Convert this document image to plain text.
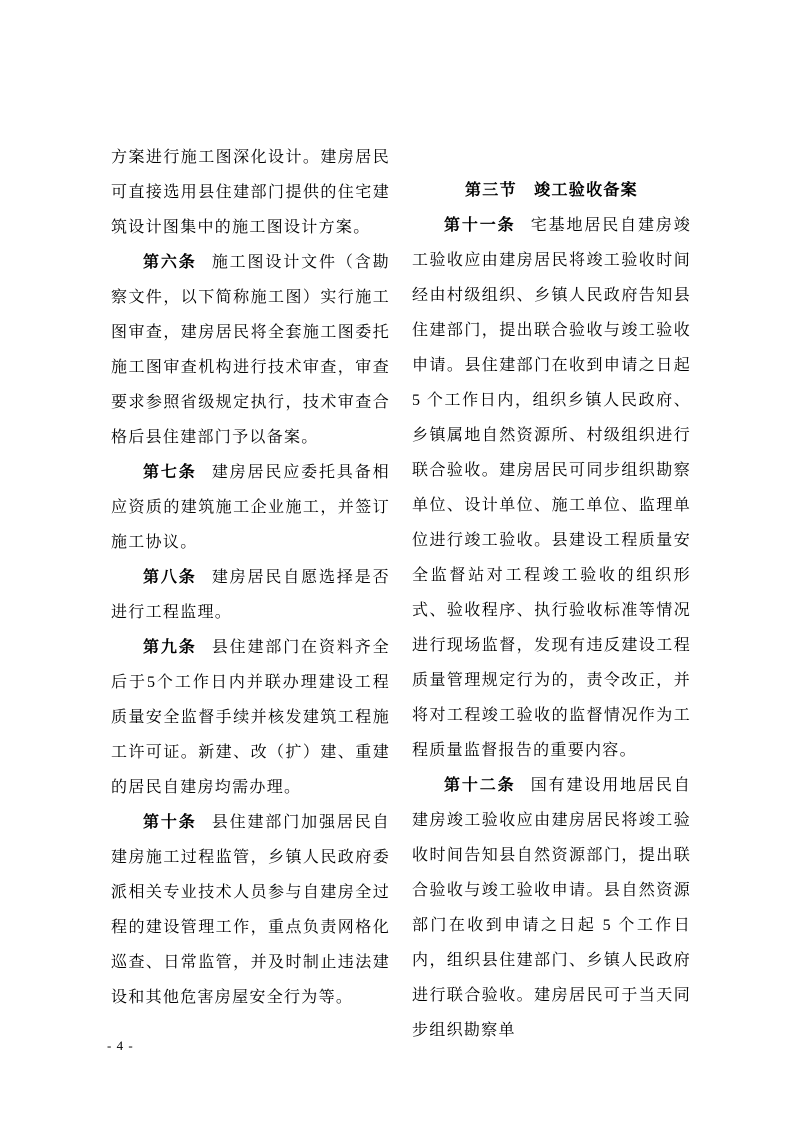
方案进行施工图深化设计。建房居民可直接选用县住建部门提供的住宅建筑设计图集中的施工图设计方案。

第六条 施工图设计文件（含勘察文件，以下简称施工图）实行施工图审查，建房居民将全套施工图委托施工图审查机构进行技术审查，审查要求参照省级规定执行，技术审查合格后县住建部门予以备案。

第七条 建房居民应委托具备相应资质的建筑施工企业施工，并签订施工协议。

第八条 建房居民自愿选择是否进行工程监理。

第九条 县住建部门在资料齐全后于5个工作日内并联办理建设工程质量安全监督手续并核发建筑工程施工许可证。新建、改（扩）建、重建的居民自建房均需办理。

第十条 县住建部门加强居民自建房施工过程监管，乡镇人民政府委派相关专业技术人员参与自建房全过程的建设管理工作，重点负责网格化巡查、日常监管，并及时制止违法建设和其他危害房屋安全行为等。

第三节　竣工验收备案

第十一条 宅基地居民自建房竣工验收应由建房居民将竣工验收时间经由村级组织、乡镇人民政府告知县住建部门，提出联合验收与竣工验收申请。县住建部门在收到申请之日起 5 个工作日内，组织乡镇人民政府、乡镇属地自然资源所、村级组织进行联合验收。建房居民可同步组织勘察单位、设计单位、施工单位、监理单位进行竣工验收。县建设工程质量安全监督站对工程竣工验收的组织形式、验收程序、执行验收标准等情况进行现场监督，发现有违反建设工程质量管理规定行为的，责令改正，并将对工程竣工验收的监督情况作为工程质量监督报告的重要内容。

第十二条 国有建设用地居民自建房竣工验收应由建房居民将竣工验收时间告知县自然资源部门，提出联合验收与竣工验收申请。县自然资源部门在收到申请之日起 5 个工作日内，组织县住建部门、乡镇人民政府进行联合验收。建房居民可于当天同步组织勘察单

- 4 -
